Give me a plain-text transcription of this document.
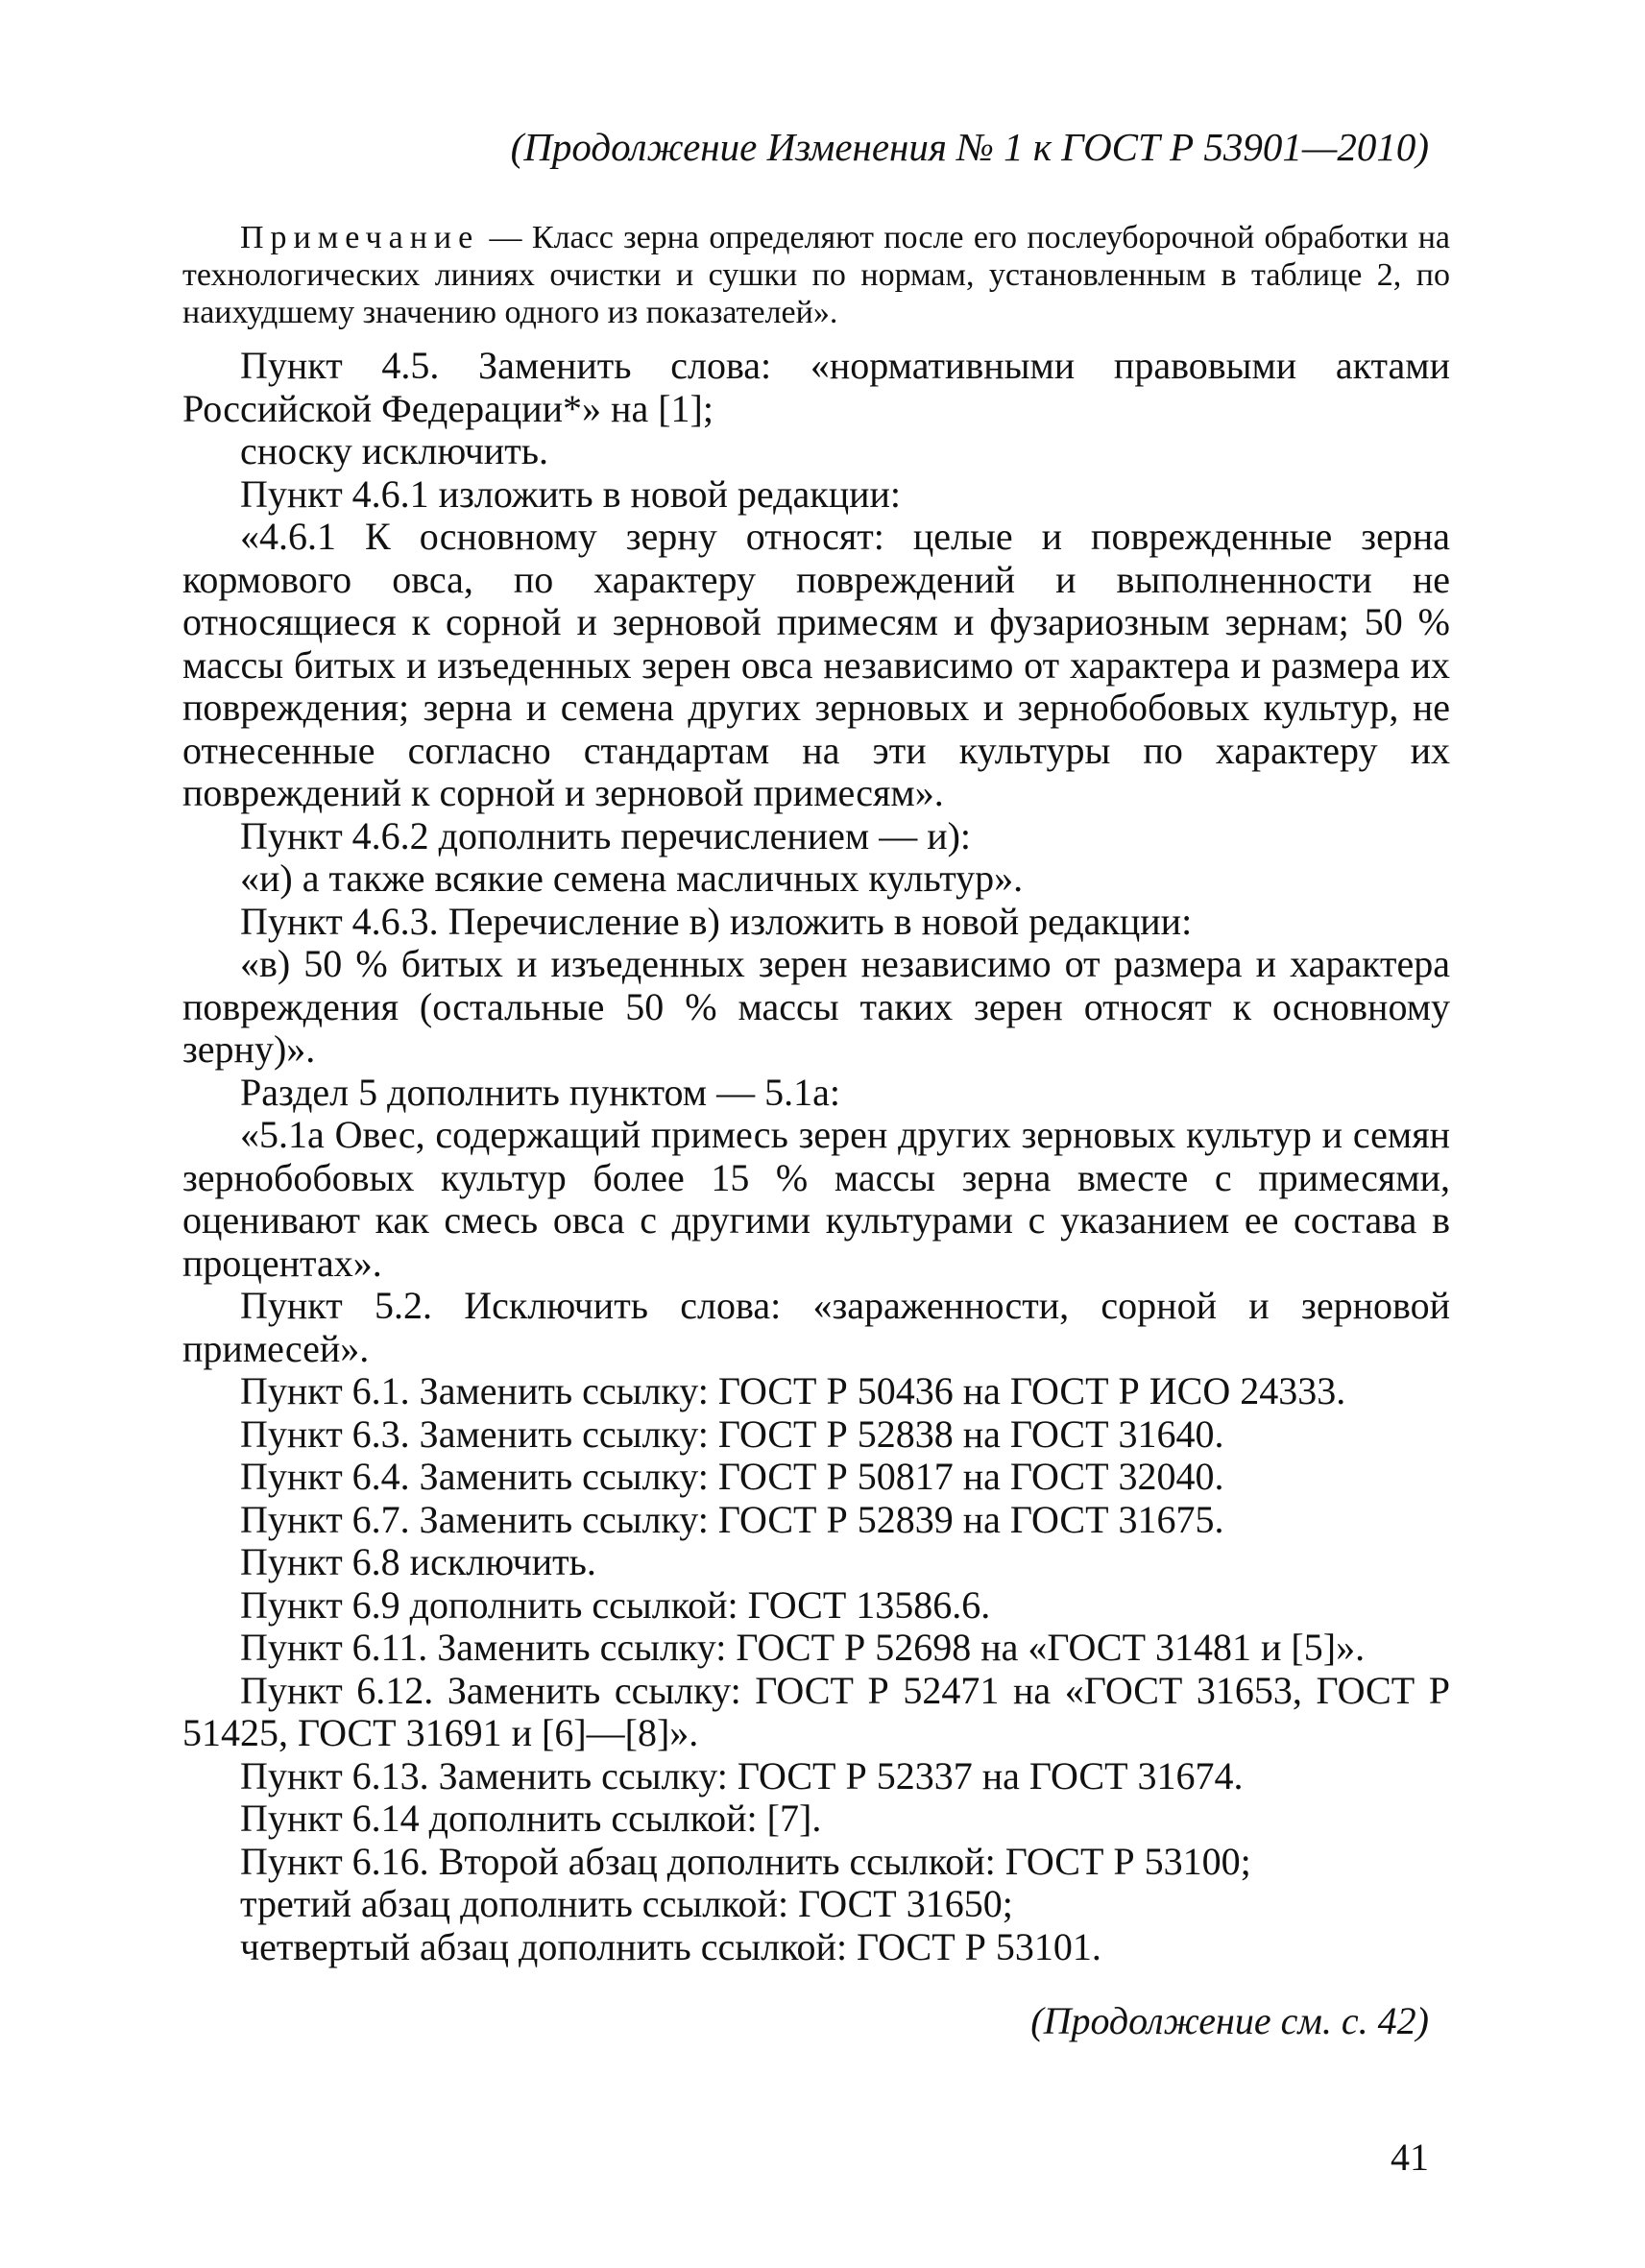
(Продолжение Изменения № 1 к ГОСТ Р 53901—2010)

Примечание — Класс зерна определяют после его послеуборочной обработки на технологических линиях очистки и сушки по нормам, установленным в таблице 2, по наихудшему значению одного из показателей».

Пункт 4.5. Заменить слова: «нормативными правовыми актами Российской Федерации*» на [1];

сноску исключить.

Пункт 4.6.1 изложить в новой редакции:

«4.6.1 К основному зерну относят: целые и поврежденные зерна кормового овса, по характеру повреждений и выполненности не относящиеся к сорной и зерновой примесям и фузариозным зернам; 50 % массы битых и изъеденных зерен овса независимо от характера и размера их повреждения; зерна и семена других зерновых и зернобобовых культур, не отнесенные согласно стандартам на эти культуры по характеру их повреждений к сорной и зерновой примесям».

Пункт 4.6.2 дополнить перечислением — и):

«и) а также всякие семена масличных культур».

Пункт 4.6.3. Перечисление в) изложить в новой редакции:

«в) 50 % битых и изъеденных зерен независимо от размера и характера повреждения (остальные 50 % массы таких зерен относят к основному зерну)».

Раздел 5 дополнить пунктом — 5.1а:

«5.1а Овес, содержащий примесь зерен других зерновых культур и семян зернобобовых культур более 15 % массы зерна вместе с примесями, оценивают как смесь овса с другими культурами с указанием ее состава в процентах».

Пункт 5.2. Исключить слова: «зараженности, сорной и зерновой примесей».

Пункт 6.1. Заменить ссылку: ГОСТ Р 50436 на ГОСТ Р ИСО 24333.

Пункт 6.3. Заменить ссылку: ГОСТ Р 52838 на ГОСТ 31640.

Пункт 6.4. Заменить ссылку: ГОСТ Р 50817 на ГОСТ 32040.

Пункт 6.7. Заменить ссылку: ГОСТ Р 52839 на ГОСТ 31675.

Пункт 6.8 исключить.

Пункт 6.9 дополнить ссылкой: ГОСТ 13586.6.

Пункт 6.11. Заменить ссылку: ГОСТ Р 52698 на «ГОСТ 31481 и [5]».

Пункт 6.12. Заменить ссылку: ГОСТ Р 52471 на «ГОСТ 31653, ГОСТ Р 51425, ГОСТ 31691 и [6]—[8]».

Пункт 6.13. Заменить ссылку: ГОСТ Р 52337 на ГОСТ 31674.

Пункт 6.14 дополнить ссылкой: [7].

Пункт 6.16. Второй абзац дополнить ссылкой: ГОСТ Р 53100;

третий абзац дополнить ссылкой: ГОСТ 31650;

четвертый абзац дополнить ссылкой: ГОСТ Р 53101.

(Продолжение см. с. 42)
41
